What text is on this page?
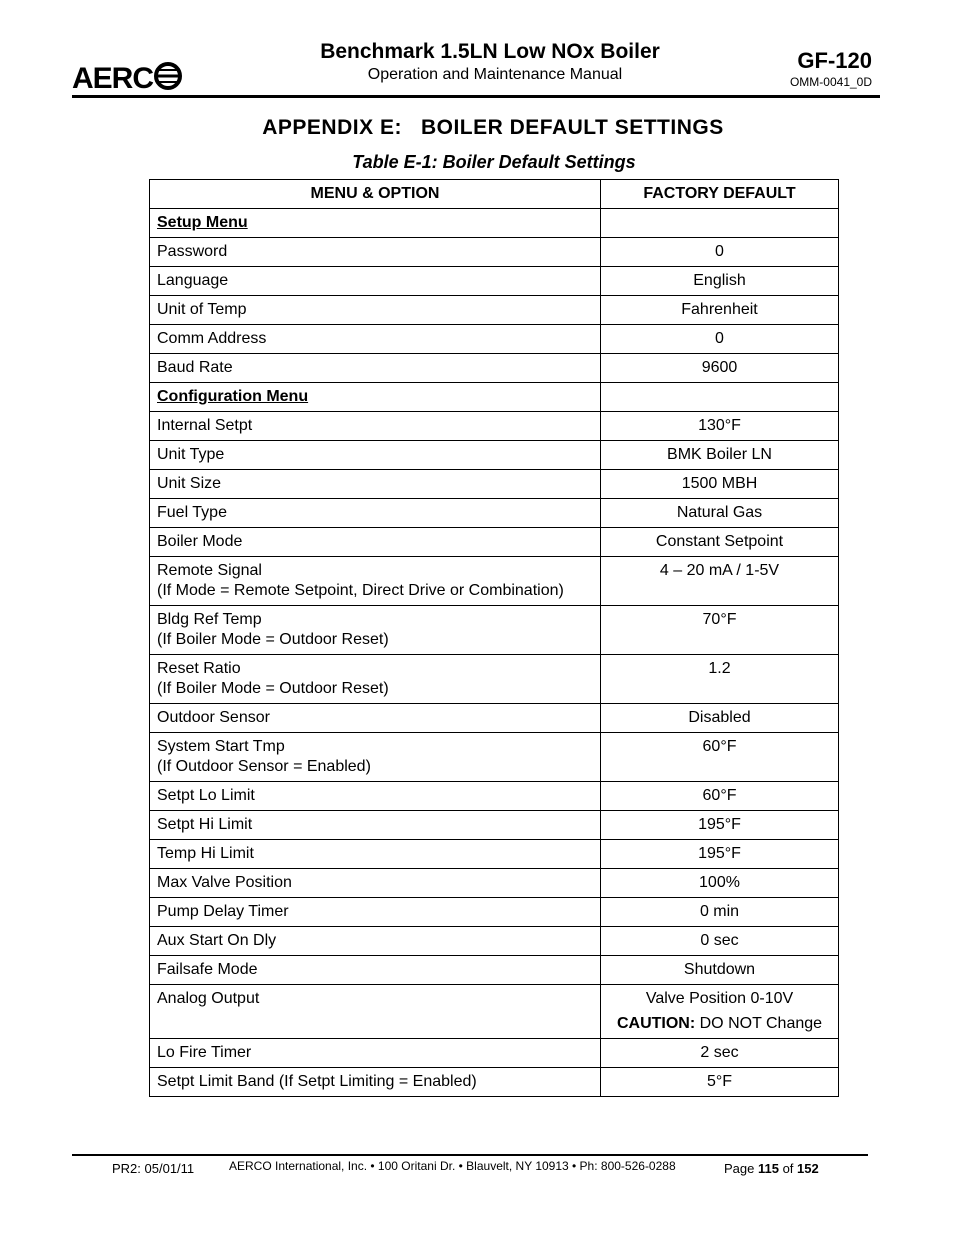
AERC
Benchmark 1.5LN Low NOx Boiler
Operation and Maintenance Manual
GF-120
OMM-0041_0D
APPENDIX E:   BOILER DEFAULT SETTINGS
Table E-1: Boiler Default Settings
MENU & OPTION	FACTORY DEFAULT
Setup Menu	

Password	0

Language	English

Unit of Temp	Fahrenheit

Comm Address	0

Baud Rate	9600

Configuration Menu	

Internal Setpt	130°F

Unit Type	BMK Boiler LN

Unit Size	1500 MBH

Fuel Type	Natural Gas

Boiler Mode	Constant Setpoint

Remote Signal
(If Mode = Remote Setpoint, Direct Drive or Combination)	4 – 20 mA / 1-5V

Bldg Ref Temp
(If Boiler Mode = Outdoor Reset)	70°F

Reset Ratio
(If Boiler Mode = Outdoor Reset)	1.2

Outdoor Sensor	Disabled

System Start Tmp
(If Outdoor Sensor = Enabled)	60°F

Setpt Lo Limit	60°F

Setpt Hi Limit	195°F

Temp Hi Limit	195°F

Max Valve Position	100%

Pump Delay Timer	0 min

Aux Start On Dly	0 sec

Failsafe Mode	Shutdown

Analog Output	Valve Position 0-10V
CAUTION: DO NOT Change

Lo Fire Timer	2 sec

Setpt Limit Band (If Setpt Limiting = Enabled)	5°F
PR2: 05/01/11	AERCO International, Inc. • 100 Oritani Dr. • Blauvelt, NY 10913 • Ph: 800-526-0288	Page 115 of 152
